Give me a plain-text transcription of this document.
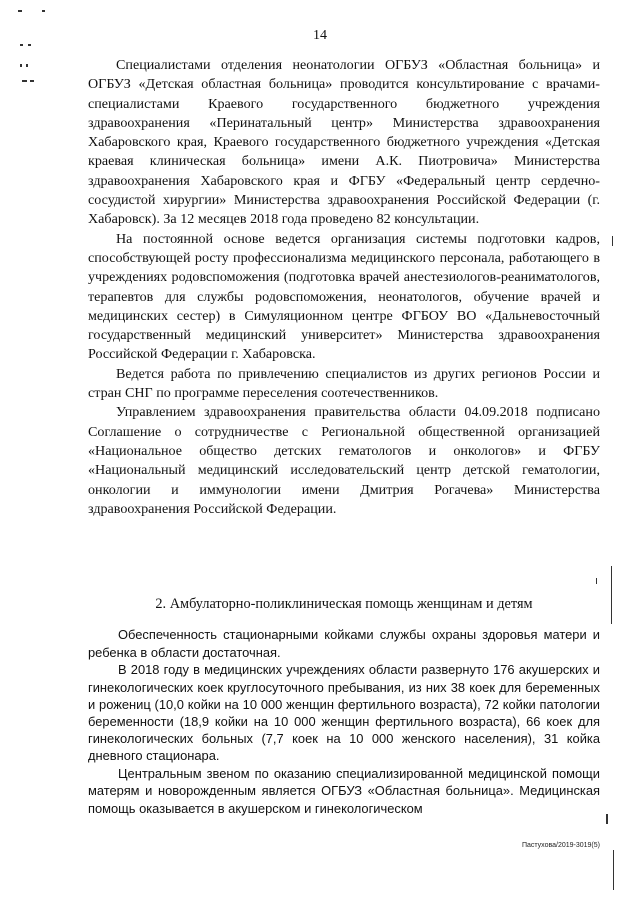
14

Специалистами отделения неонатологии ОГБУЗ «Областная больница» и ОГБУЗ «Детская областная больница» проводится консультирование с врачами-специалистами Краевого государственного бюджетного учреждения здравоохранения «Перинатальный центр» Министерства здравоохранения Хабаровского края, Краевого государственного бюджетного учреждения «Детская краевая клиническая больница» имени А.К. Пиотровича» Министерства здравоохранения Хабаровского края и ФГБУ «Федеральный центр сердечно-сосудистой хирургии» Министерства здравоохранения Российской Федерации (г. Хабаровск). За 12 месяцев 2018 года проведено 82 консультации.

На постоянной основе ведется организация системы подготовки кадров, способствующей росту профессионализма медицинского персонала, работающего в учреждениях родовспоможения (подготовка врачей анестезиологов-реаниматологов, терапевтов для службы родовспоможения, неонатологов, обучение врачей и медицинских сестер) в Симуляционном центре ФГБОУ ВО «Дальневосточный государственный медицинский университет» Министерства здравоохранения Российской Федерации г. Хабаровска.

Ведется работа по привлечению специалистов из других регионов России и стран СНГ по программе переселения соотечественников.

Управлением здравоохранения правительства области 04.09.2018 подписано Соглашение о сотрудничестве с Региональной общественной организацией «Национальное общество детских гематологов и онкологов» и ФГБУ «Национальный медицинский исследовательский центр детской гематологии, онкологии и иммунологии имени Дмитрия Рогачева» Министерства здравоохранения Российской Федерации.

2. Амбулаторно-поликлиническая помощь женщинам и детям

Обеспеченность стационарными койками службы охраны здоровья матери и ребенка в области достаточная.

В 2018 году в медицинских учреждениях области развернуто 176 акушерских и гинекологических коек круглосуточного пребывания, из них 38 коек для беременных и рожениц (10,0 койки на 10 000 женщин фертильного возраста), 72 койки патологии беременности (18,9 койки на 10 000 женщин фертильного возраста), 66 коек для гинекологических больных (7,7 коек на 10 000 женского населения), 31 койка дневного стационара.

Центральным звеном по оказанию специализированной медицинской помощи матерям и новорожденным является ОГБУЗ «Областная больница». Медицинская помощь оказывается в акушерском и гинекологическом

Пастухова/2019-3019(5)
